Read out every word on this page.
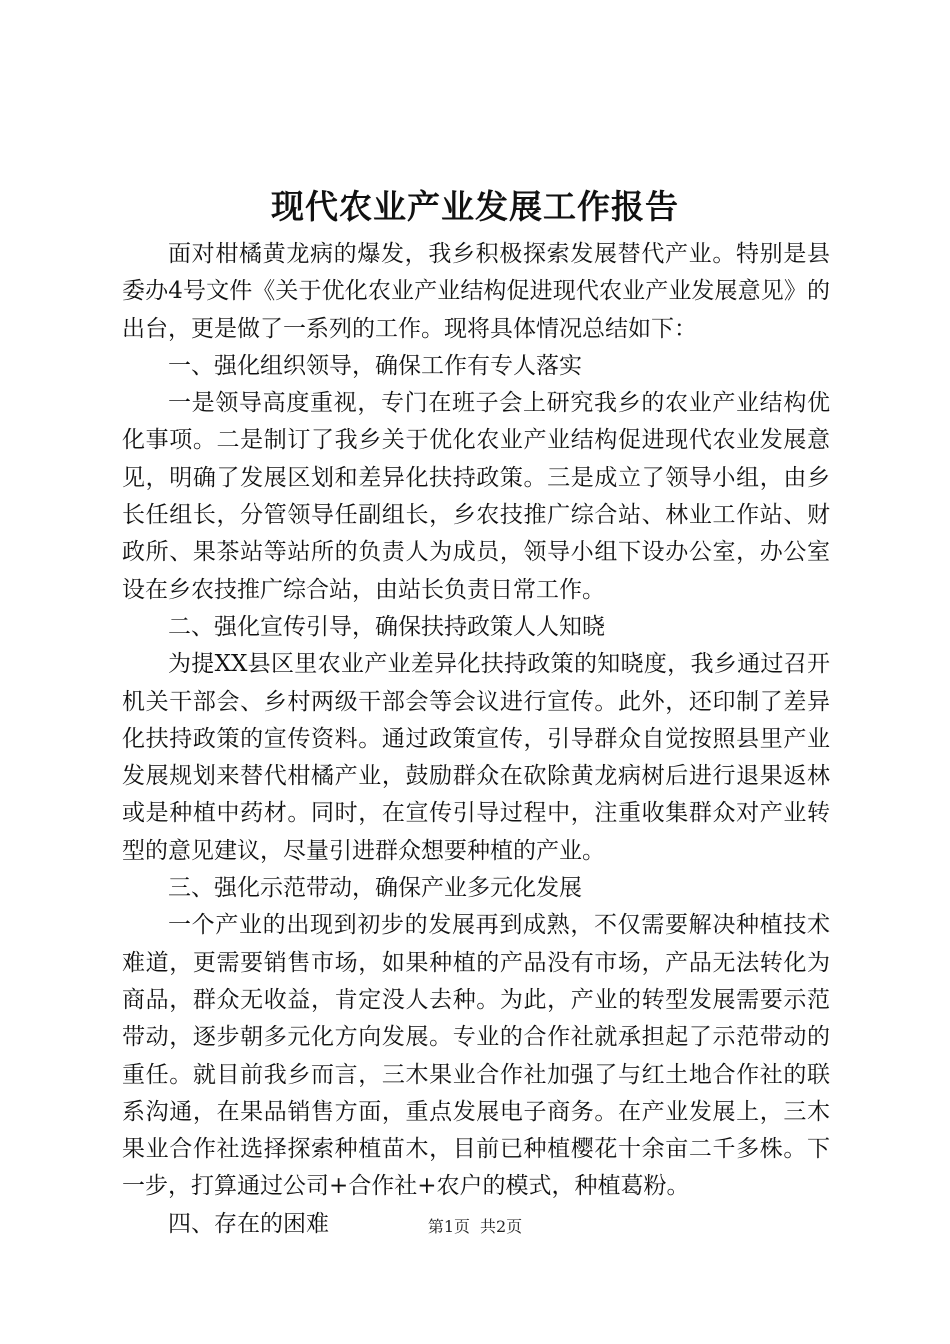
现代农业产业发展工作报告

面对柑橘黄龙病的爆发，我乡积极探索发展替代产业。特别是县委办4号文件《关于优化农业产业结构促进现代农业产业发展意见》的出台，更是做了一系列的工作。现将具体情况总结如下：

一、强化组织领导，确保工作有专人落实

一是领导高度重视，专门在班子会上研究我乡的农业产业结构优化事项。二是制订了我乡关于优化农业产业结构促进现代农业发展意见，明确了发展区划和差异化扶持政策。三是成立了领导小组，由乡长任组长，分管领导任副组长，乡农技推广综合站、林业工作站、财政所、果茶站等站所的负责人为成员，领导小组下设办公室，办公室设在乡农技推广综合站，由站长负责日常工作。

二、强化宣传引导，确保扶持政策人人知晓

为提XX县区里农业产业差异化扶持政策的知晓度，我乡通过召开机关干部会、乡村两级干部会等会议进行宣传。此外，还印制了差异化扶持政策的宣传资料。通过政策宣传，引导群众自觉按照县里产业发展规划来替代柑橘产业，鼓励群众在砍除黄龙病树后进行退果返林或是种植中药材。同时，在宣传引导过程中，注重收集群众对产业转型的意见建议，尽量引进群众想要种植的产业。

三、强化示范带动，确保产业多元化发展

一个产业的出现到初步的发展再到成熟，不仅需要解决种植技术难道，更需要销售市场，如果种植的产品没有市场，产品无法转化为商品，群众无收益，肯定没人去种。为此，产业的转型发展需要示范带动，逐步朝多元化方向发展。专业的合作社就承担起了示范带动的重任。就目前我乡而言，三木果业合作社加强了与红土地合作社的联系沟通，在果品销售方面，重点发展电子商务。在产业发展上，三木果业合作社选择探索种植苗木，目前已种植樱花十余亩二千多株。下一步，打算通过公司+合作社+农户的模式，种植葛粉。

四、存在的困难	第1页 共2页
